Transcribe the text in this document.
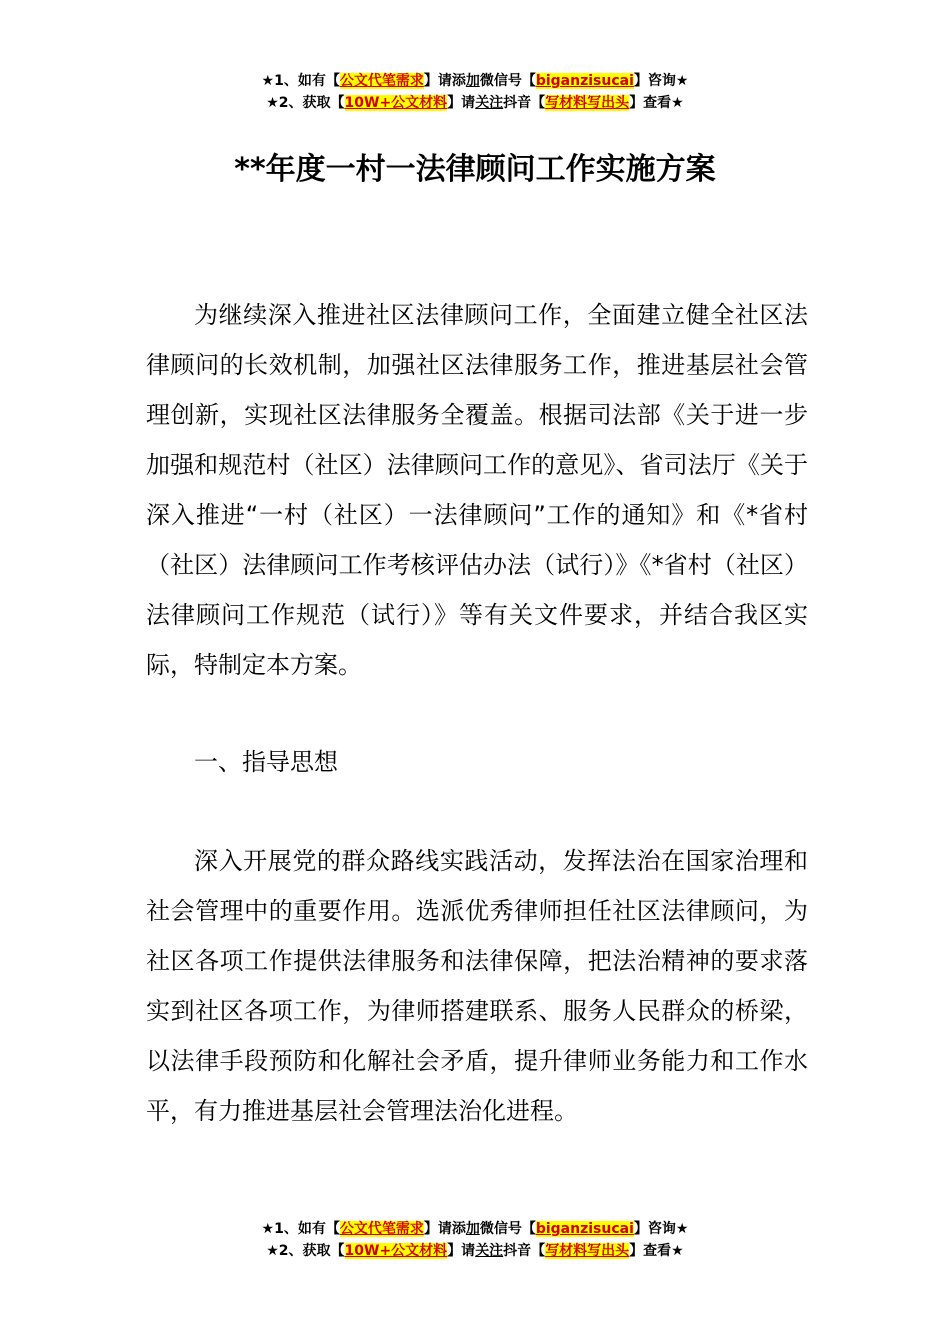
★1、如有【公文代笔需求】请添加微信号【biganzisucai】咨询★
★2、获取【10W+公文材料】请关注抖音【写材料写出头】查看★
**年度一村一法律顾问工作实施方案

为继续深入推进社区法律顾问工作，全面建立健全社区法律顾问的长效机制，加强社区法律服务工作，推进基层社会管理创新，实现社区法律服务全覆盖。根据司法部《关于进一步加强和规范村（社区）法律顾问工作的意见》、省司法厅《关于深入推进“一村（社区）一法律顾问”工作的通知》和《*省村（社区）法律顾问工作考核评估办法（试行）》《*省村（社区）法律顾问工作规范（试行）》等有关文件要求，并结合我区实际，特制定本方案。

一、指导思想

深入开展党的群众路线实践活动，发挥法治在国家治理和社会管理中的重要作用。选派优秀律师担任社区法律顾问，为社区各项工作提供法律服务和法律保障，把法治精神的要求落实到社区各项工作，为律师搭建联系、服务人民群众的桥梁，以法律手段预防和化解社会矛盾，提升律师业务能力和工作水平，有力推进基层社会管理法治化进程。

★1、如有【公文代笔需求】请添加微信号【biganzisucai】咨询★
★2、获取【10W+公文材料】请关注抖音【写材料写出头】查看★
